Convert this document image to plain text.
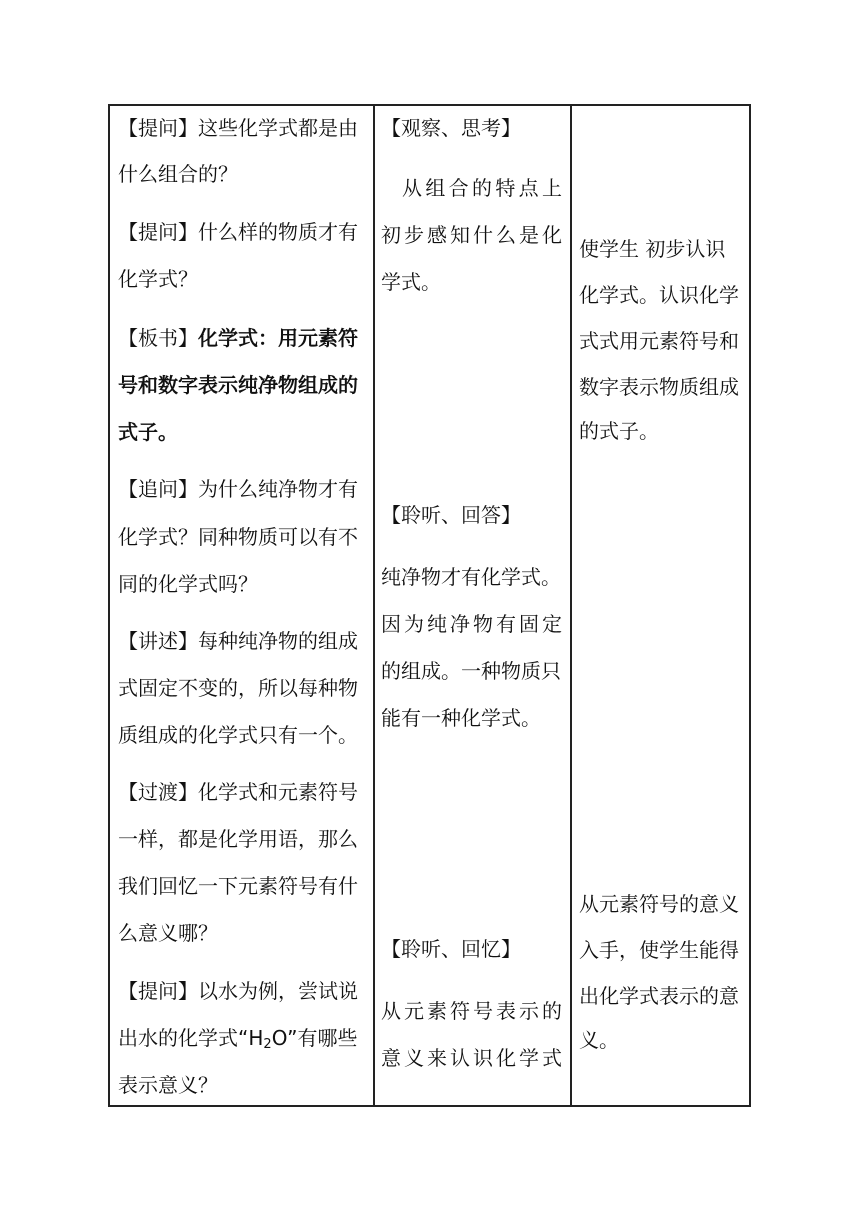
【提问】这些化学式都是由

什么组合的？

【提问】什么样的物质才有

化学式？

【板书】化学式：用元素符

号和数字表示纯净物组成的

式子。

【追问】为什么纯净物才有

化学式？同种物质可以有不

同的化学式吗？

【讲述】每种纯净物的组成

式固定不变的，所以每种物

质组成的化学式只有一个。

【过渡】化学式和元素符号

一样，都是化学用语，那么

我们回忆一下元素符号有什

么意义哪？

【提问】以水为例，尝试说

出水的化学式“$H_2O$”有哪些

表示意义？

【观察、思考】

从组合的特点上

初步感知什么是化

学式。

【聆听、回答】

纯净物才有化学式。

因为纯净物有固定

的组成。一种物质只

能有一种化学式。

【聆听、回忆】

从元素符号表示的

意义来认识化学式

使学生 初步认识

化学式。认识化学

式式用元素符号和

数字表示物质组成

的式子。

从元素符号的意义

入手，使学生能得

出化学式表示的意

义。
